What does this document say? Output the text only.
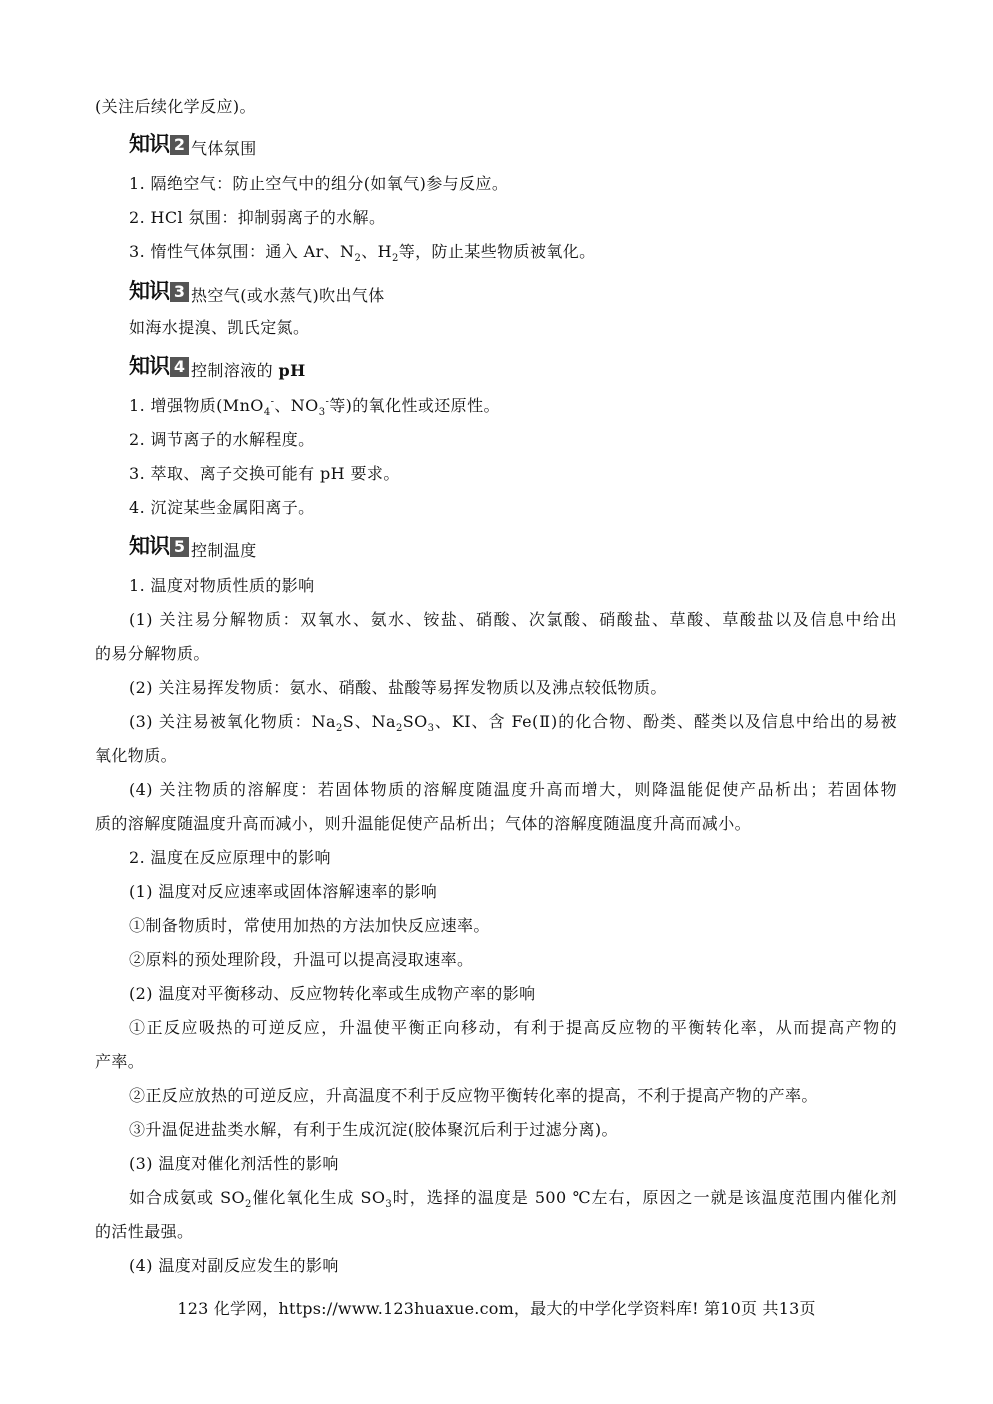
(关注后续化学反应)。
知识 2 气体氛围
1. 隔绝空气：防止空气中的组分(如氧气)参与反应。
2. HCl 氛围：抑制弱离子的水解。
3. 惰性气体氛围：通入 Ar、$N_2$、$H_2$等，防止某些物质被氧化。
知识 3 热空气(或水蒸气)吹出气体
如海水提溴、凯氏定氮。
知识 4 控制溶液的 pH
1. 增强物质(MnO$_4$-、$NO_3^-$等)的氧化性或还原性。
2. 调节离子的水解程度。
3. 萃取、离子交换可能有 pH 要求。
4. 沉淀某些金属阳离子。
知识 5 控制温度
1. 温度对物质性质的影响
(1) 关注易分解物质：双氧水、氨水、铵盐、硝酸、次氯酸、硝酸盐、草酸、草酸盐以及信息中给出
的易分解物质。
(2) 关注易挥发物质：氨水、硝酸、盐酸等易挥发物质以及沸点较低物质。
(3) 关注易被氧化物质：$Na_2S$、$Na_2SO_3$、KI、含 Fe(Ⅱ)的化合物、酚类、醛类以及信息中给出的易被
氧化物质。
(4) 关注物质的溶解度：若固体物质的溶解度随温度升高而增大，则降温能促使产品析出；若固体物
质的溶解度随温度升高而减小，则升温能促使产品析出；气体的溶解度随温度升高而减小。
2. 温度在反应原理中的影响
(1) 温度对反应速率或固体溶解速率的影响
①制备物质时，常使用加热的方法加快反应速率。
②原料的预处理阶段，升温可以提高浸取速率。
(2) 温度对平衡移动、反应物转化率或生成物产率的影响
①正反应吸热的可逆反应，升温使平衡正向移动，有利于提高反应物的平衡转化率，从而提高产物的
产率。
②正反应放热的可逆反应，升高温度不利于反应物平衡转化率的提高，不利于提高产物的产率。
③升温促进盐类水解，有利于生成沉淀(胶体聚沉后利于过滤分离)。
(3) 温度对催化剂活性的影响
如合成氨或 $SO_2$催化氧化生成 $SO_3$时，选择的温度是 500 ℃左右，原因之一就是该温度范围内催化剂
的活性最强。
(4) 温度对副反应发生的影响
123 化学网，https://www.123huaxue.com，最大的中学化学资料库! 第10页 共13页
